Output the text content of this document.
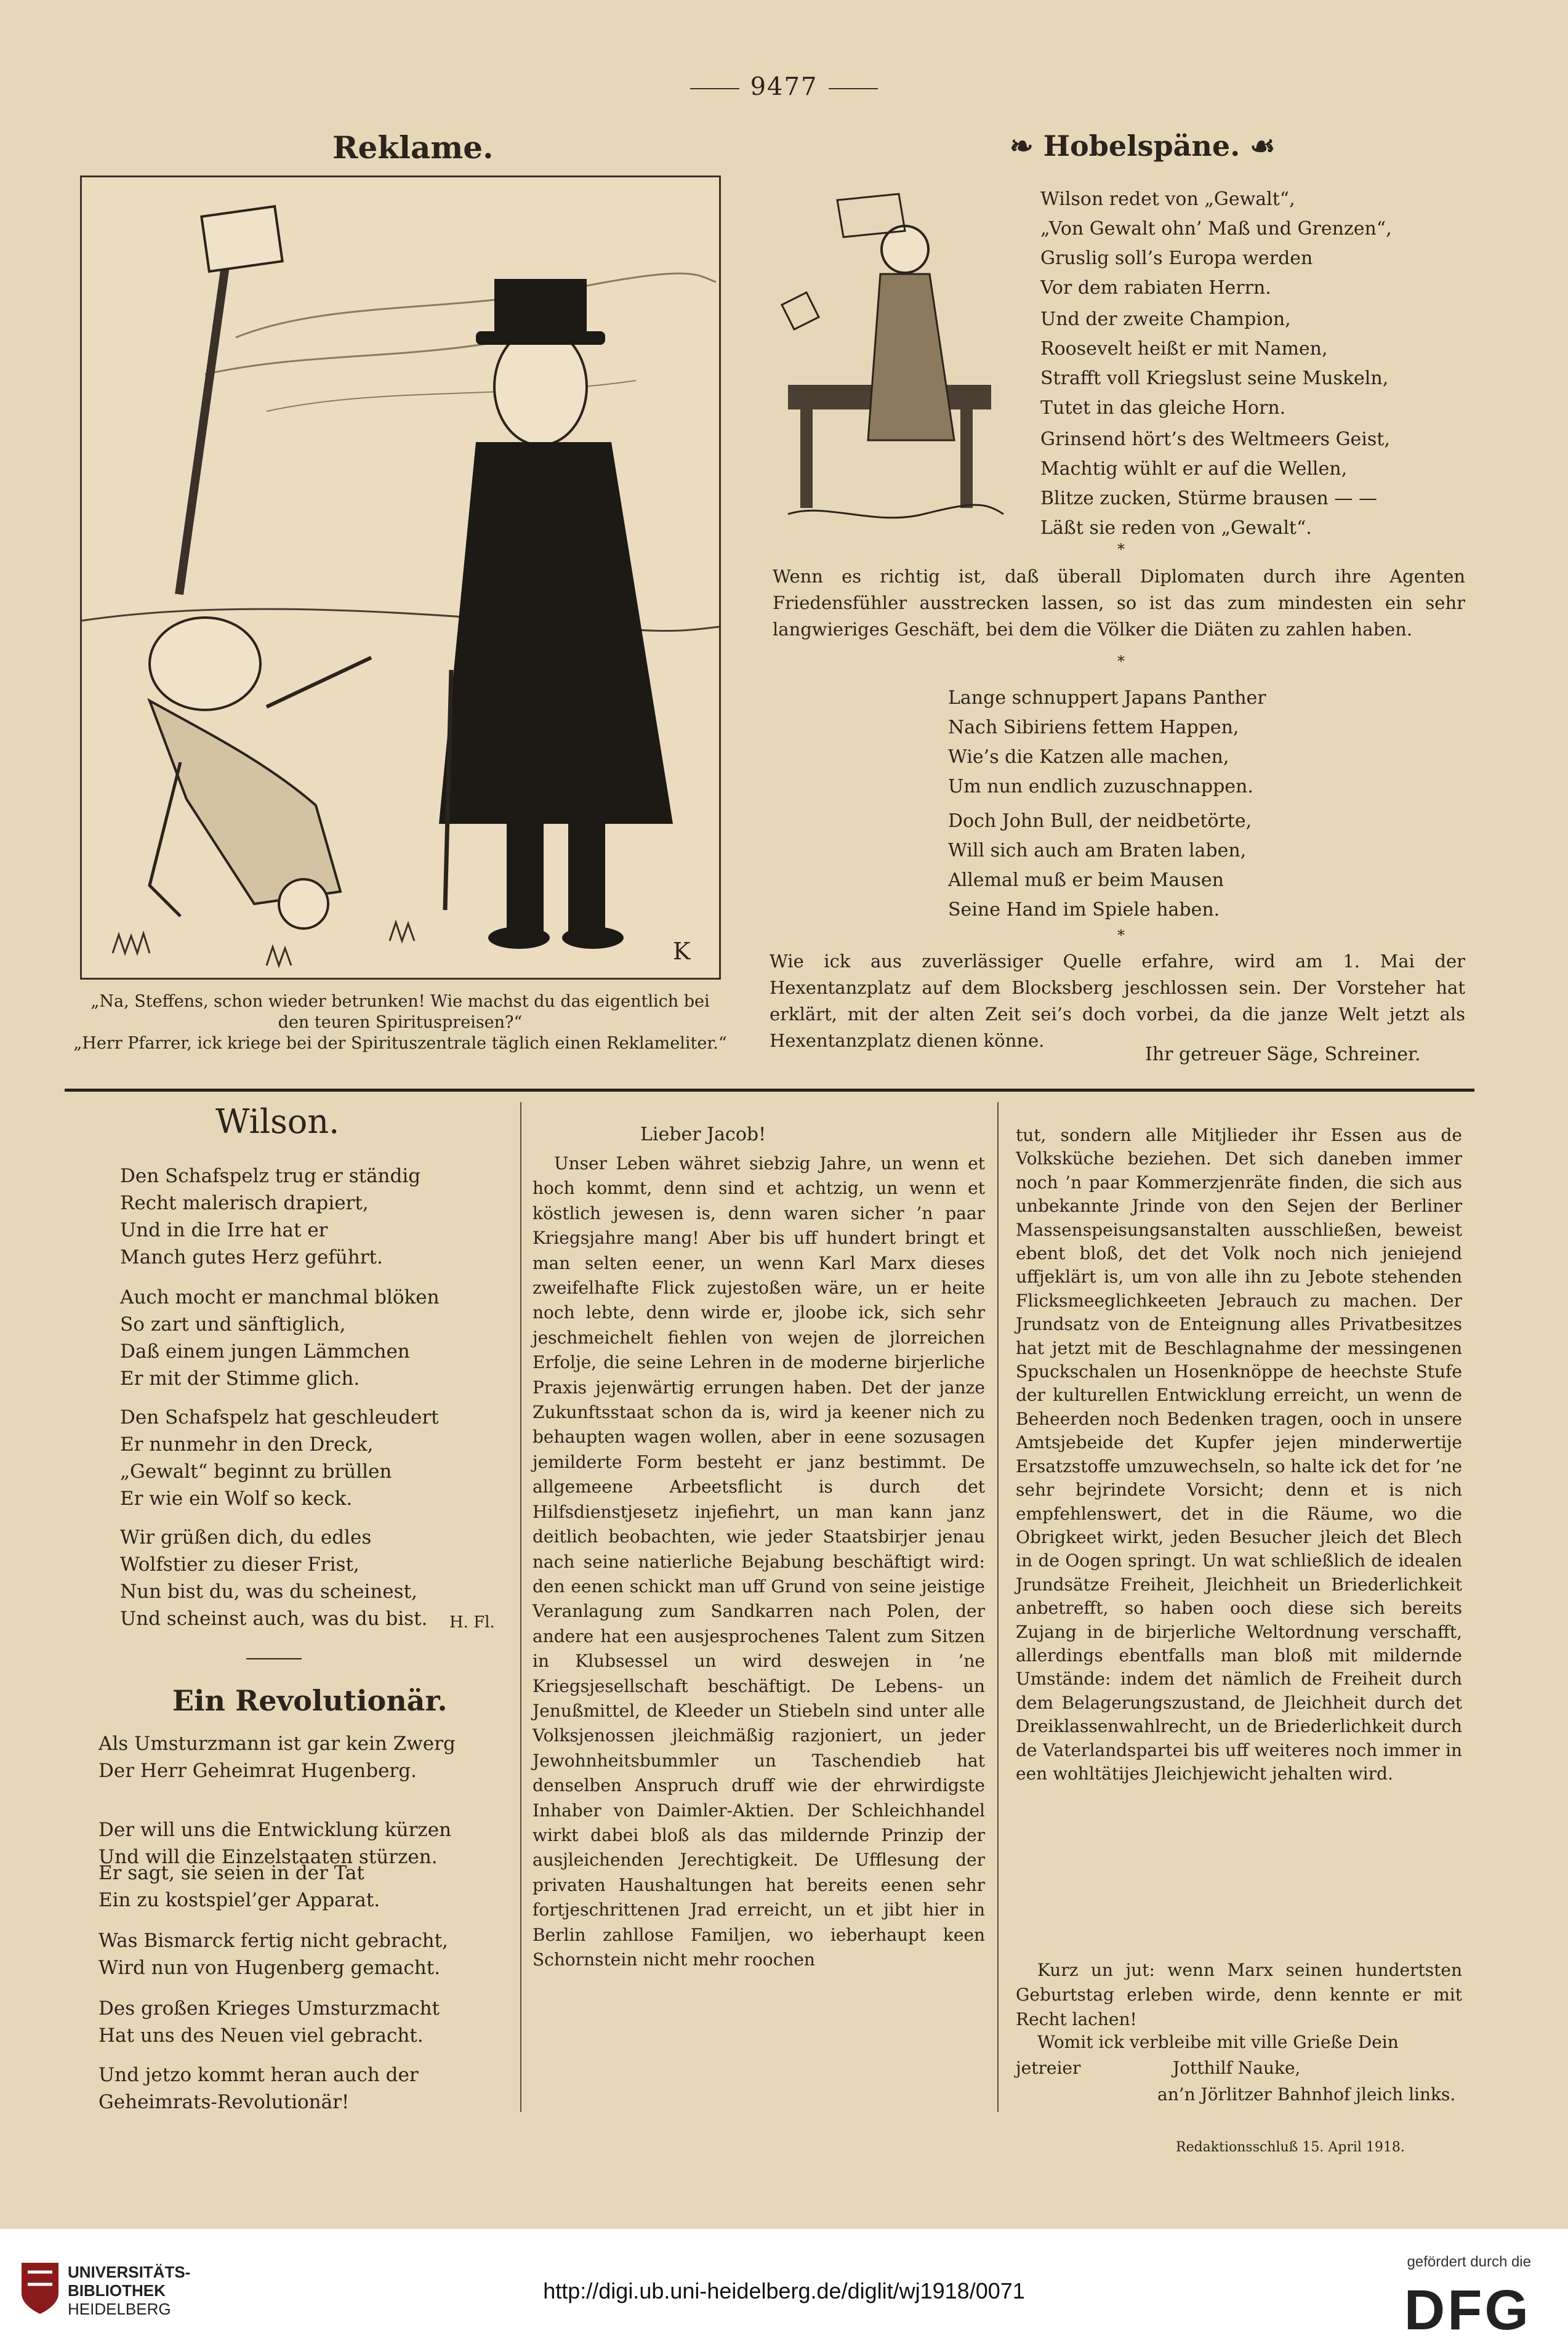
9477
Reklame.
K
„Na, Steffens, schon wieder betrunken! Wie machst du das eigentlich bei
den teuren Spirituspreisen?“
„Herr Pfarrer, ick kriege bei der Spirituszentrale täglich einen Reklameliter.“
❧ Hobelspäne. ☙
Wilson redet von „Gewalt“,
„Von Gewalt ohn’ Maß und Grenzen“,
Gruslig soll’s Europa werden
Vor dem rabiaten Herrn.
Und der zweite Champion,
Roosevelt heißt er mit Namen,
Strafft voll Kriegslust seine Muskeln,
Tutet in das gleiche Horn.
Grinsend hört’s des Weltmeers Geist,
Machtig wühlt er auf die Wellen,
Blitze zucken, Stürme brausen — —
Läßt sie reden von „Gewalt“.
*
Wenn es richtig ist, daß überall Diplomaten durch ihre Agenten Friedensfühler ausstrecken lassen, so ist das zum mindesten ein sehr langwieriges Geschäft, bei dem die Völker die Diäten zu zahlen haben.
*
Lange schnuppert Japans Panther
Nach Sibiriens fettem Happen,
Wie’s die Katzen alle machen,
Um nun endlich zuzuschnappen.
Doch John Bull, der neidbetörte,
Will sich auch am Braten laben,
Allemal muß er beim Mausen
Seine Hand im Spiele haben.
*
Wie ick aus zuverlässiger Quelle erfahre, wird am 1. Mai der Hexentanzplatz auf dem Blocksberg jeschlossen sein. Der Vorsteher hat erklärt, mit der alten Zeit sei’s doch vorbei, da die janze Welt jetzt als Hexentanzplatz dienen könne.
Ihr getreuer Säge, Schreiner.
Wilson.
Den Schafspelz trug er ständig
Recht malerisch drapiert,
Und in die Irre hat er
Manch gutes Herz geführt.
Auch mocht er manchmal blöken
So zart und sänftiglich,
Daß einem jungen Lämmchen
Er mit der Stimme glich.
Den Schafspelz hat geschleudert
Er nunmehr in den Dreck,
„Gewalt“ beginnt zu brüllen
Er wie ein Wolf so keck.
Wir grüßen dich, du edles
Wolfstier zu dieser Frist,
Nun bist du, was du scheinest,
Und scheinst auch, was du bist. H. Fl.
Ein Revolutionär.
Als Umsturzmann ist gar kein Zwerg
Der Herr Geheimrat Hugenberg.
Der will uns die Entwicklung kürzen
Und will die Einzelstaaten stürzen.
Er sagt, sie seien in der Tat
Ein zu kostspiel’ger Apparat.
Was Bismarck fertig nicht gebracht,
Wird nun von Hugenberg gemacht.
Des großen Krieges Umsturzmacht
Hat uns des Neuen viel gebracht.
Und jetzo kommt heran auch der
Geheimrats-Revolutionär!
Lieber Jacob!
Unser Leben währet siebzig Jahre, un wenn et hoch kommt, denn sind et achtzig, un wenn et köstlich jewesen is, denn waren sicher ’n paar Kriegsjahre mang! Aber bis uff hundert bringt et man selten eener, un wenn Karl Marx dieses zweifelhafte Flick zujestoßen wäre, un er heite noch lebte, denn wirde er, jloobe ick, sich sehr jeschmeichelt fiehlen von wejen de jlorreichen Erfolje, die seine Lehren in de moderne birjerliche Praxis jejenwärtig errungen haben. Det der janze Zukunftsstaat schon da is, wird ja keener nich zu behaupten wagen wollen, aber in eene sozusagen jemilderte Form besteht er janz bestimmt. De allgemeene Arbeetsflicht is durch det Hilfsdienstjesetz injefiehrt, un man kann janz deitlich beobachten, wie jeder Staatsbirjer jenau nach seine natierliche Bejabung beschäftigt wird: den eenen schickt man uff Grund von seine jeistige Veranlagung zum Sandkarren nach Polen, der andere hat een ausjesprochenes Talent zum Sitzen in Klubsessel un wird deswejen in ’ne Kriegsjesellschaft beschäftigt. De Lebens- un Jenußmittel, de Kleeder un Stiebeln sind unter alle Volksjenossen jleichmäßig razjoniert, un jeder Jewohnheitsbummler un Taschendieb hat denselben Anspruch druff wie der ehrwirdigste Inhaber von Daimler-Aktien. Der Schleichhandel wirkt dabei bloß als das mildernde Prinzip der ausjleichenden Jerechtigkeit. De Ufflesung der privaten Haushaltungen hat bereits eenen sehr fortjeschrittenen Jrad erreicht, un et jibt hier in Berlin zahllose Familjen, wo ieberhaupt keen Schornstein nicht mehr roochen
tut, sondern alle Mitjlieder ihr Essen aus de Volksküche beziehen. Det sich daneben immer noch ’n paar Kommerzjenräte finden, die sich aus unbekannte Jrinde von den Sejen der Berliner Massenspeisungsanstalten ausschließen, beweist ebent bloß, det det Volk noch nich jeniejend uffjeklärt is, um von alle ihn zu Jebote stehenden Flicksmeeglichkeeten Jebrauch zu machen. Der Jrundsatz von de Enteignung alles Privatbesitzes hat jetzt mit de Beschlagnahme der messingenen Spuckschalen un Hosenknöppe de heechste Stufe der kulturellen Entwicklung erreicht, un wenn de Beheerden noch Bedenken tragen, ooch in unsere Amtsjebeide det Kupfer jejen minderwertije Ersatzstoffe umzuwechseln, so halte ick det for ’ne sehr bejrindete Vorsicht; denn et is nich empfehlenswert, det in die Räume, wo die Obrigkeet wirkt, jeden Besucher jleich det Blech in de Oogen springt. Un wat schließlich de idealen Jrundsätze Freiheit, Jleichheit un Briederlichkeit anbetrefft, so haben ooch diese sich bereits Zujang in de birjerliche Weltordnung verschafft, allerdings ebentfalls man bloß mit mildernde Umstände: indem det nämlich de Freiheit durch dem Belagerungszustand, de Jleichheit durch det Dreiklassenwahlrecht, un de Briederlichkeit durch de Vaterlandspartei bis uff weiteres noch immer in een wohltätijes Jleichjewicht jehalten wird.
Kurz un jut: wenn Marx seinen hundertsten Geburtstag erleben wirde, denn kennte er mit Recht lachen!
Womit ick verbleibe mit ville Grieße Dein
jetreier	Jotthilf Nauke,
an’n Jörlitzer Bahnhof jleich links.
Redaktionsschluß 15. April 1918.
UNIVERSITÄTS-
BIBLIOTHEK
HEIDELBERG
http://digi.ub.uni-heidelberg.de/diglit/wj1918/0071
gefördert durch die
DFG
